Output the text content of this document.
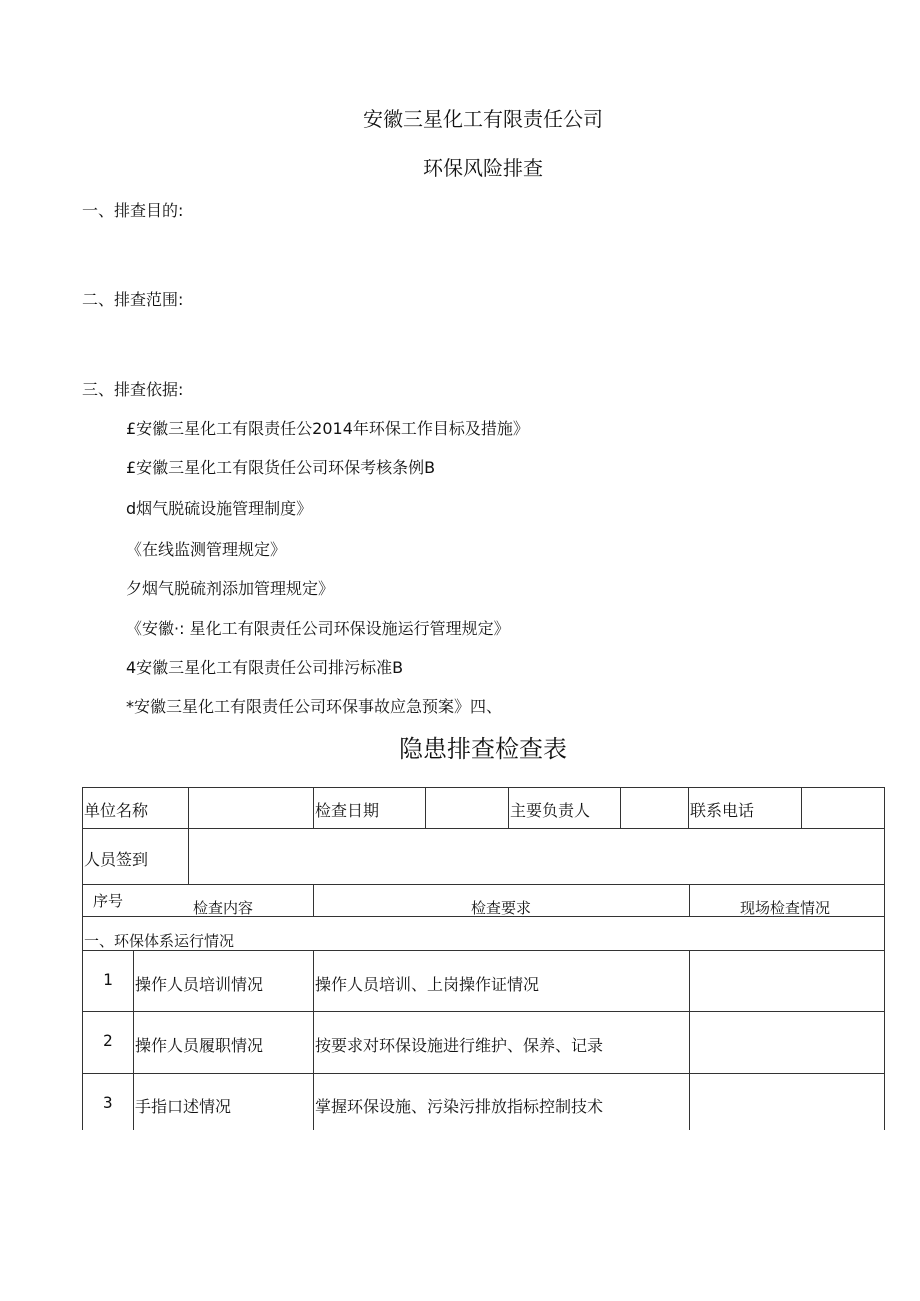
安徽三星化工有限责任公司
环保风险排查
一、排查目的:
二、排查范围:
三、排查依据:
£安徽三星化工有限责任公2014年环保工作目标及措施》
£安徽三星化工有限货任公司环保考核条例B
d烟气脱硫设施管理制度》
《在线监测管理规定》
夕烟气脱硫剂添加管理规定》
《安徽·: 星化工有限责任公司环保设施运行管理规定》
4安徽三星化工有限责任公司排污标准B
*安徽三星化工有限责任公司环保事故应急预案》四、
隐患排查检查表
单位名称	检查日期	主要负责人	联系电话
人员签到
序号	检查内容	检查要求	现场检查情况
一、环保体系运行情况
1 操作人员培训情况	操作人员培训、上岗操作证情况
2 操作人员履职情况	按要求对环保设施进行维护、保养、记录
3 手指口述情况	掌握环保设施、污染污排放指标控制技术
